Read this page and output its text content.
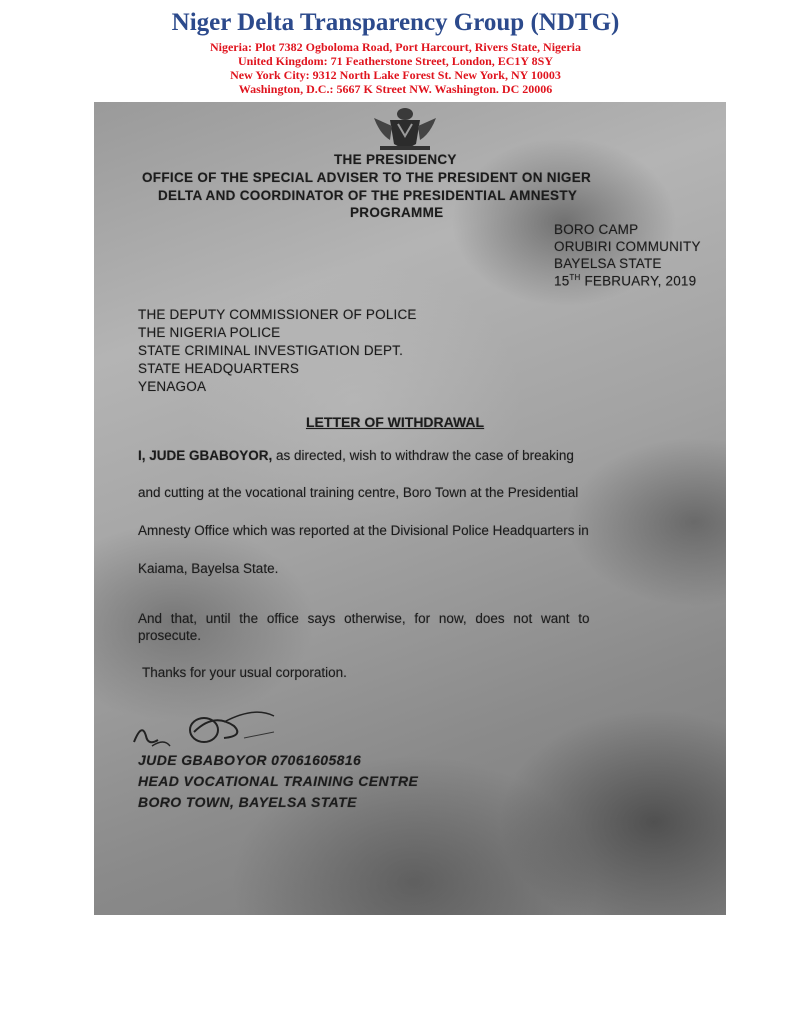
Niger Delta Transparency Group (NDTG)
Nigeria: Plot 7382 Ogboloma Road, Port Harcourt, Rivers State, Nigeria
United Kingdom: 71 Featherstone Street, London, EC1Y 8SY
New York City: 9312 North Lake Forest St. New York, NY 10003
Washington, D.C.: 5667 K Street NW. Washington. DC 20006
THE PRESIDENCY
OFFICE OF THE SPECIAL ADVISER TO THE PRESIDENT ON NIGER
DELTA AND COORDINATOR OF THE PRESIDENTIAL AMNESTY
PROGRAMME
BORO CAMP
ORUBIRI COMMUNITY
BAYELSA STATE
15TH FEBRUARY, 2019
THE DEPUTY COMMISSIONER OF POLICE
THE NIGERIA POLICE
STATE CRIMINAL INVESTIGATION DEPT.
STATE HEADQUARTERS
YENAGOA
LETTER OF WITHDRAWAL
I, JUDE GBABOYOR, as directed, wish to withdraw the case of breaking
and cutting at the vocational training centre, Boro Town at the Presidential
Amnesty Office which was reported at the Divisional Police Headquarters in
Kaiama, Bayelsa State.
And that, until the office says otherwise, for now, does not want to
prosecute.
Thanks for your usual corporation.
JUDE GBABOYOR 07061605816
HEAD VOCATIONAL TRAINING CENTRE
BORO TOWN, BAYELSA STATE
